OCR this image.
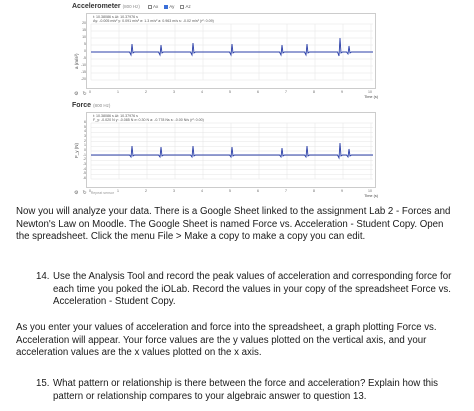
Accelerometer (800 Hz)	Ax	Ay	Az
a (m/s²)
20
15
10
-5
-10
-15
-20
t: 10.38086 s Δt: 10.37976 s
Ay: -0.005 m/s² y: 0.091 m/s² σ: 1.3 m/s² a: 0.963 m/s s: -0.02 m/s² (r²: 0.09)
0	1	2	3	4	5	6	7	8	9	10
Time (s)
⚙ ↻
Force (800 Hz)
F_y (N)	-1
-2
-3
-4
-5
-6
t: 10.38086 s Δt: 10.37976 s
F_y: -0.020 N y: -0.085 N σ: 0.30 N a: -0.778 Ns s: -0.00 N/s (r²: 0.00)
0	1	2	3	4	5	6	7	8	9	10
Time (s)
⚙ ↻ Repeat sensor

Now you will analyze your data. There is a Google Sheet linked to the assignment Lab 2 - Forces and Newton's Law on Moodle. The Google Sheet is named Force vs. Acceleration - Student Copy. Open the spreadsheet. Click the menu File > Make a copy to make a copy you can edit.

14. Use the Analysis Tool and record the peak values of acceleration and corresponding force for each time you poked the iOLab. Record the values in your copy of the spreadsheet Force vs. Acceleration - Student Copy.

As you enter your values of acceleration and force into the spreadsheet, a graph plotting Force vs. Acceleration will appear. Your force values are the y values plotted on the vertical axis, and your acceleration values are the x values plotted on the x axis.

15. What pattern or relationship is there between the force and acceleration? Explain how this pattern or relationship compares to your algebraic answer to question 13.
